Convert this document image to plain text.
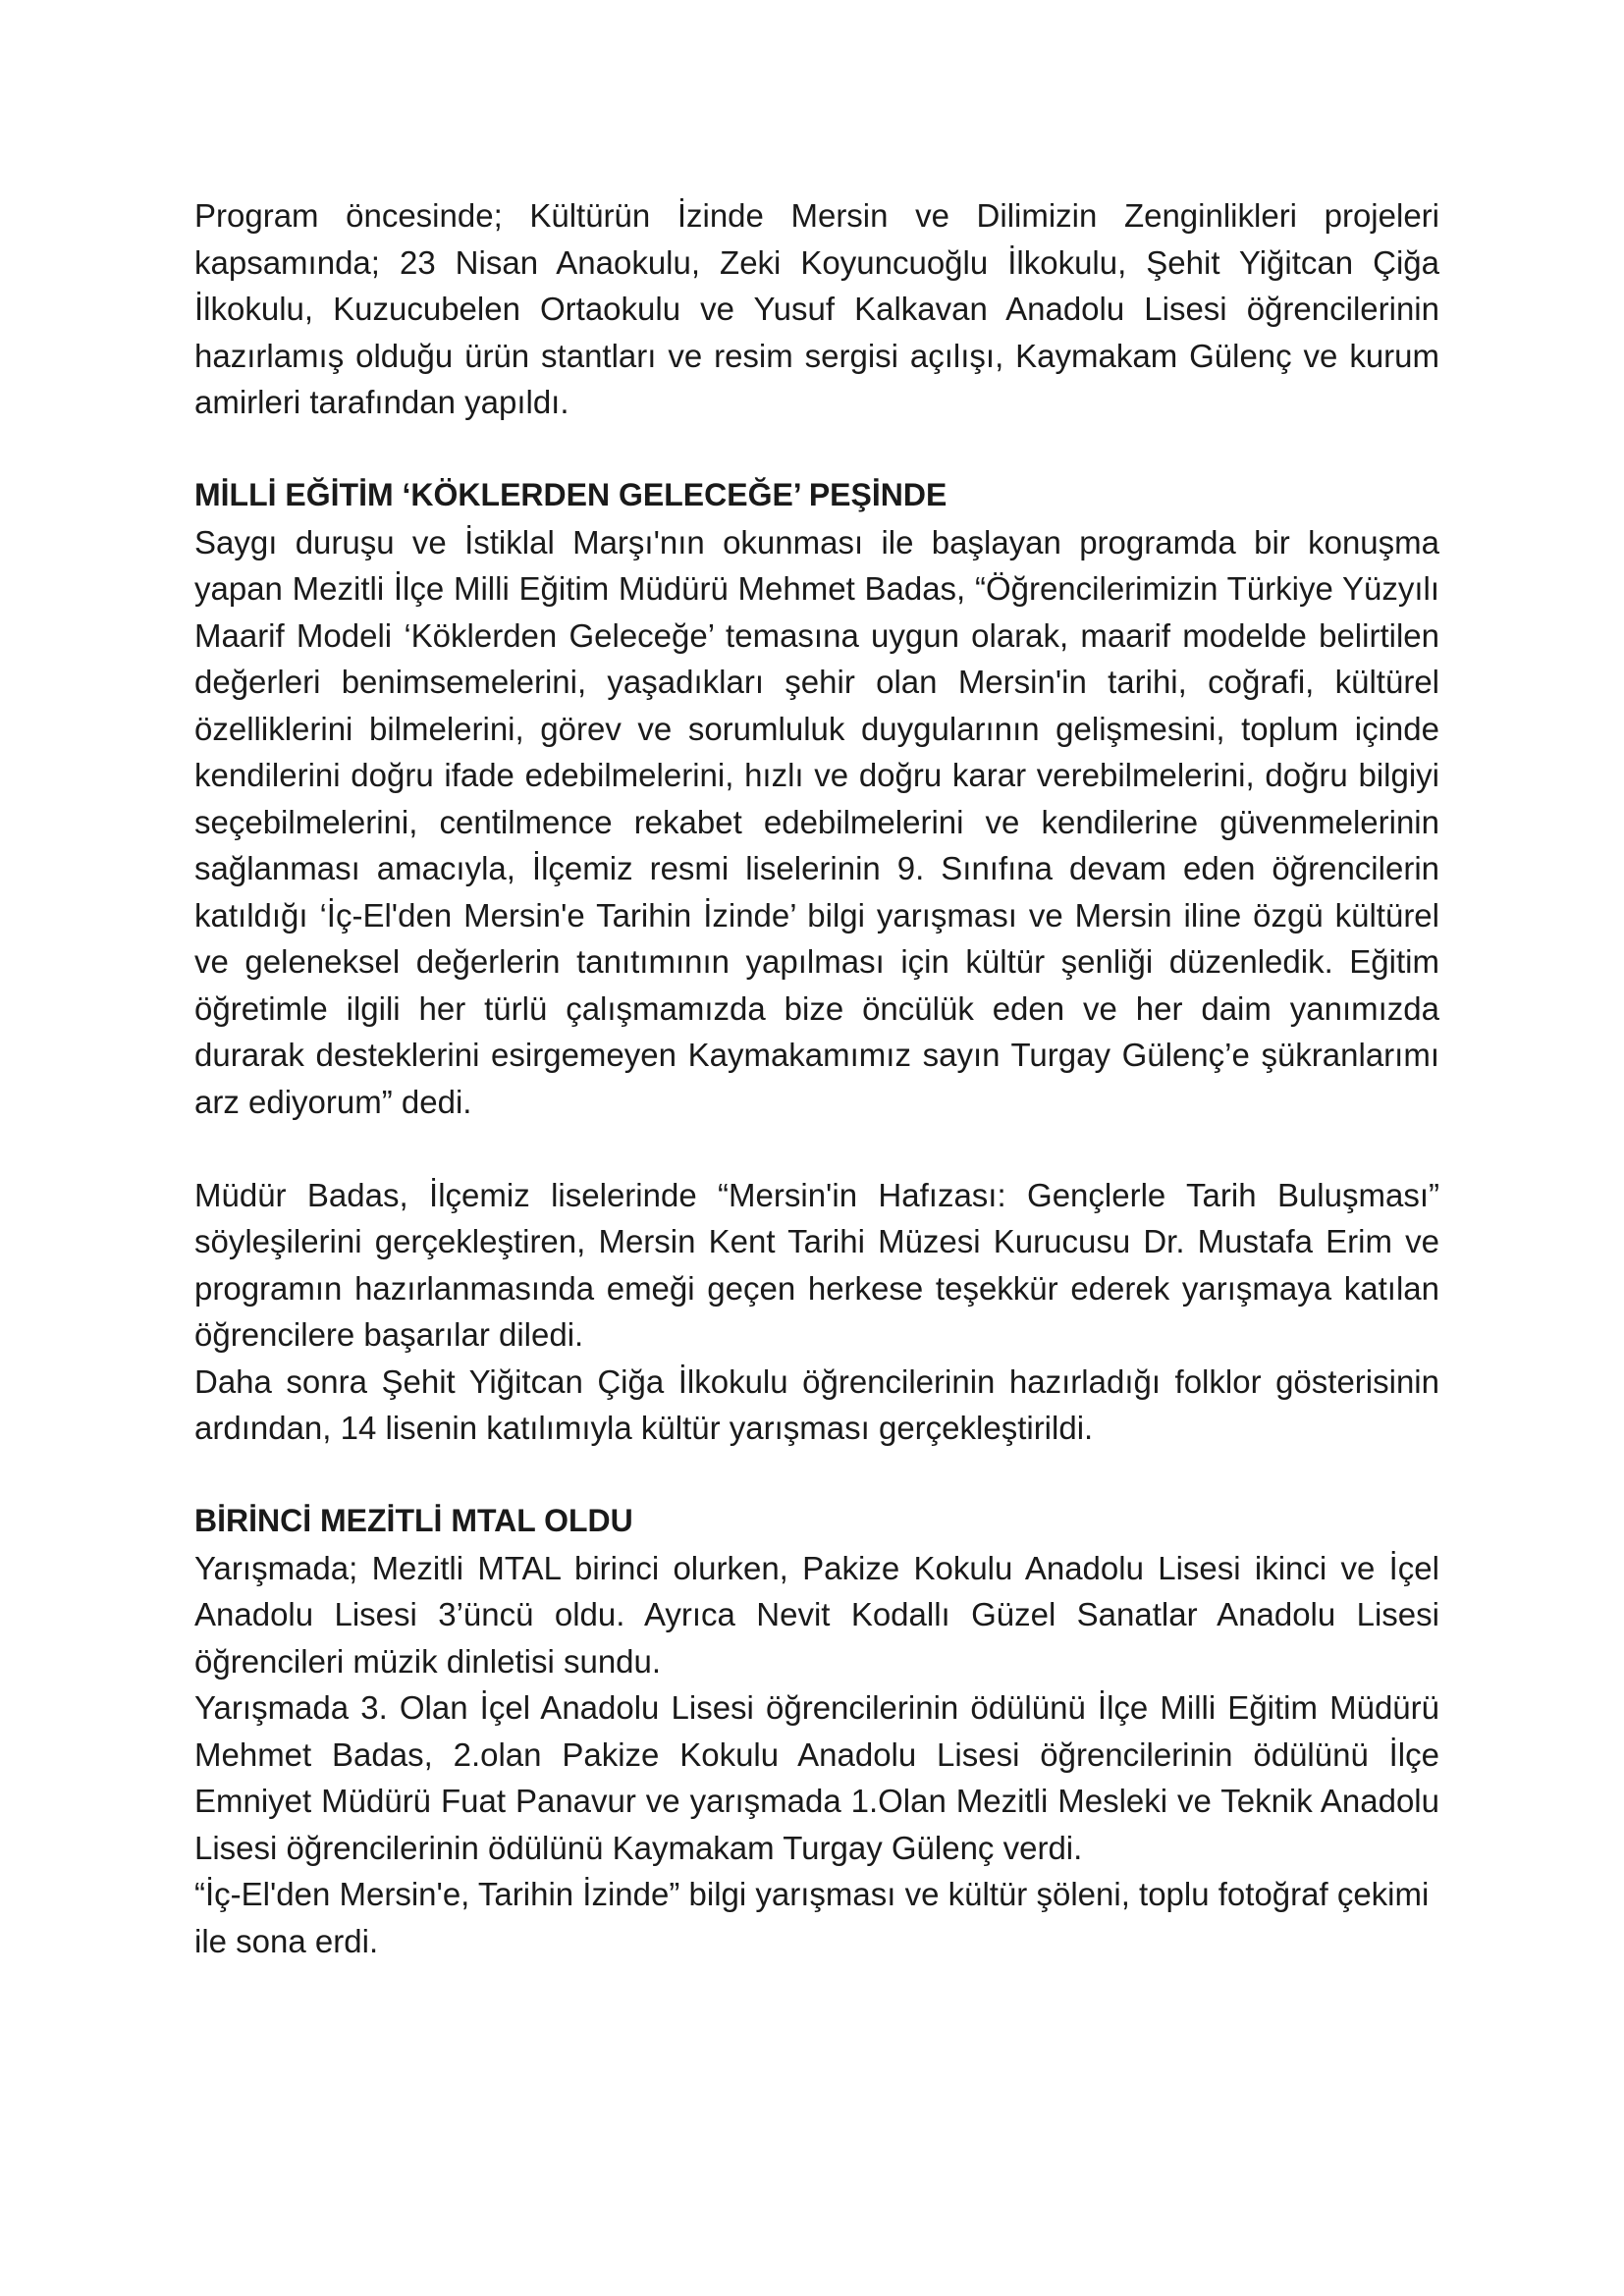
Program öncesinde; Kültürün İzinde Mersin ve Dilimizin Zenginlikleri projeleri kapsamında; 23 Nisan Anaokulu, Zeki Koyuncuoğlu İlkokulu, Şehit Yiğitcan Çiğa İlkokulu, Kuzucubelen Ortaokulu ve Yusuf Kalkavan Anadolu Lisesi öğrencilerinin hazırlamış olduğu ürün stantları ve resim sergisi açılışı, Kaymakam Gülenç ve kurum amirleri tarafından yapıldı.

MİLLİ EĞİTİM ‘KÖKLERDEN GELECEĞE’ PEŞİNDE

Saygı duruşu ve İstiklal Marşı'nın okunması ile başlayan programda bir konuşma yapan Mezitli İlçe Milli Eğitim Müdürü Mehmet Badas, “Öğrencilerimizin Türkiye Yüzyılı Maarif Modeli ‘Köklerden Geleceğe’ temasına uygun olarak, maarif modelde belirtilen değerleri benimsemelerini, yaşadıkları şehir olan Mersin'in tarihi, coğrafi, kültürel özelliklerini bilmelerini, görev ve sorumluluk duygularının gelişmesini, toplum içinde kendilerini doğru ifade edebilmelerini, hızlı ve doğru karar verebilmelerini, doğru bilgiyi seçebilmelerini, centilmence rekabet edebilmelerini ve kendilerine güvenmelerinin sağlanması amacıyla, İlçemiz resmi liselerinin 9. Sınıfına devam eden öğrencilerin katıldığı ‘İç-El'den Mersin'e Tarihin İzinde’ bilgi yarışması ve Mersin iline özgü kültürel ve geleneksel değerlerin tanıtımının yapılması için kültür şenliği düzenledik. Eğitim öğretimle ilgili her türlü çalışmamızda bize öncülük eden ve her daim yanımızda durarak desteklerini esirgemeyen Kaymakamımız sayın Turgay Gülenç’e şükranlarımı arz ediyorum” dedi.

Müdür Badas, İlçemiz liselerinde “Mersin'in Hafızası: Gençlerle Tarih Buluşması” söyleşilerini gerçekleştiren, Mersin Kent Tarihi Müzesi Kurucusu Dr. Mustafa Erim ve programın hazırlanmasında emeği geçen herkese teşekkür ederek yarışmaya katılan öğrencilere başarılar diledi.

Daha sonra Şehit Yiğitcan Çiğa İlkokulu öğrencilerinin hazırladığı folklor gösterisinin ardından, 14 lisenin katılımıyla kültür yarışması gerçekleştirildi.

BİRİNCİ MEZİTLİ MTAL OLDU

Yarışmada; Mezitli MTAL birinci olurken, Pakize Kokulu Anadolu Lisesi ikinci ve İçel Anadolu Lisesi 3’üncü oldu. Ayrıca Nevit Kodallı Güzel Sanatlar Anadolu Lisesi öğrencileri müzik dinletisi sundu.

Yarışmada 3. Olan İçel Anadolu Lisesi öğrencilerinin ödülünü İlçe Milli Eğitim Müdürü Mehmet Badas, 2.olan Pakize Kokulu Anadolu Lisesi öğrencilerinin ödülünü İlçe Emniyet Müdürü Fuat Panavur ve yarışmada 1.Olan Mezitli Mesleki ve Teknik Anadolu Lisesi öğrencilerinin ödülünü Kaymakam Turgay Gülenç verdi.

“İç-El'den Mersin'e, Tarihin İzinde” bilgi yarışması ve kültür şöleni, toplu fotoğraf çekimi ile sona erdi.
